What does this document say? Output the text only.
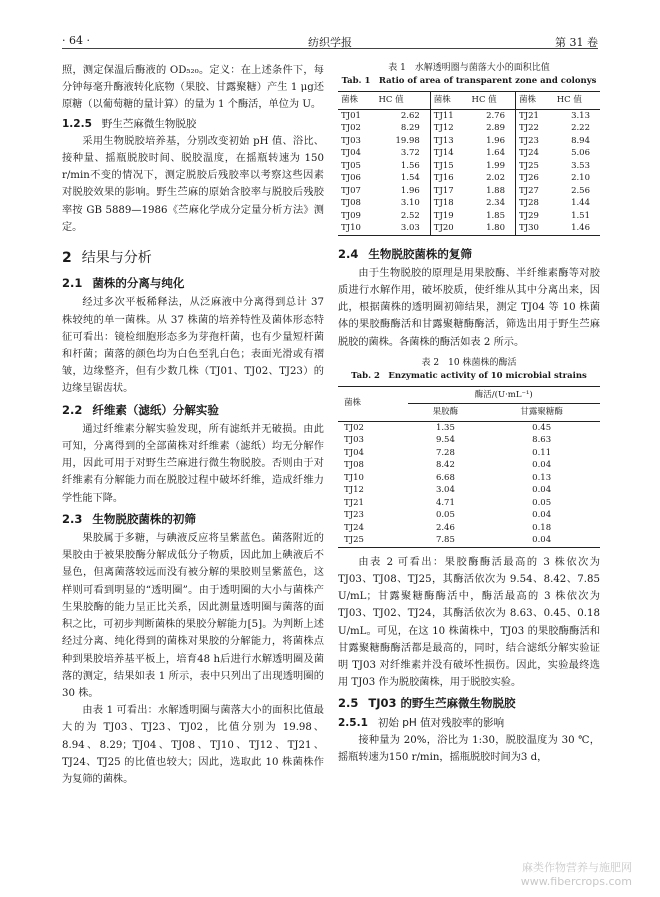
· 64 ·	纺织学报	第 31 卷

照，测定保温后酶液的 OD₅₂₀。定义：在上述条件下，每分钟每毫升酶液转化底物（果胶、甘露聚糖）产生 1 μg还原糖（以葡萄糖的量计算）的量为 1 个酶活，单位为 U。

1.2.5 野生苎麻微生物脱胶

采用生物脱胶培养基，分别改变初始 pH 值、浴比、接种量、摇瓶脱胶时间、脱胶温度，在摇瓶转速为 150 r/min不变的情况下，测定脱胶后残胶率以考察这些因素对脱胶效果的影响。野生苎麻的原始含胶率与脱胶后残胶率按 GB 5889—1986《苎麻化学成分定量分析方法》测定。

2 结果与分析
2.1 菌株的分离与纯化

经过多次平板稀释法，从泛麻液中分离得到总计 37 株较纯的单一菌株。从 37 株菌的培养特性及菌体形态特征可看出：镜检细胞形态多为芽孢杆菌，也有少量短杆菌和杆菌；菌落的颜色均为白色至乳白色；表面光滑或有褶皱，边缘整齐，但有少数几株（TJ01、TJ02、TJ23）的边缘呈锯齿状。

2.2 纤维素（滤纸）分解实验

通过纤维素分解实验发现，所有滤纸并无破损。由此可知，分离得到的全部菌株对纤维素（滤纸）均无分解作用，因此可用于对野生苎麻进行微生物脱胶。否则由于对纤维素有分解能力而在脱胶过程中破坏纤维，造成纤维力学性能下降。

2.3 生物脱胶菌株的初筛

果胶属于多糖，与碘液反应将呈紫蓝色。菌落附近的果胶由于被果胶酶分解成低分子物质，因此加上碘液后不显色，但离菌落较远而没有被分解的果胶则呈紫蓝色，这样则可看到明显的“透明圈”。由于透明圈的大小与菌株产生果胶酶的能力呈正比关系，因此测量透明圈与菌落的面积之比，可初步判断菌株的果胶分解能力[5]。为判断上述经过分离、纯化得到的菌株对果胶的分解能力，将菌株点种到果胶培养基平板上，培育48 h后进行水解透明圈及菌落的测定，结果如表 1 所示，表中只列出了出现透明圈的 30 株。

由表 1 可看出：水解透明圈与菌落大小的面积比值最大的为 TJ03、TJ23、TJ02，比值分别为 19.98、8.94、8.29；TJ04、TJ08、TJ10、TJ12、TJ21、TJ24、TJ25 的比值也较大；因此，选取此 10 株菌株作为复筛的菌株。

表 1　水解透明圈与菌落大小的面积比值
Tab. 1　Ratio of area of transparent zone and colonys
菌株	HC 值	菌株	HC 值	菌株	HC 值
TJ01	2.62	TJ11	2.76	TJ21	3.13
TJ02	8.29	TJ12	2.89	TJ22	2.22
TJ03	19.98	TJ13	1.96	TJ23	8.94
TJ04	3.72	TJ14	1.64	TJ24	5.06
TJ05	1.56	TJ15	1.99	TJ25	3.53
TJ06	1.54	TJ16	2.02	TJ26	2.10
TJ07	1.96	TJ17	1.88	TJ27	2.56
TJ08	3.10	TJ18	2.34	TJ28	1.44
TJ09	2.52	TJ19	1.85	TJ29	1.51
TJ10	3.03	TJ20	1.80	TJ30	1.46
2.4 生物脱胶菌株的复筛

由于生物脱胶的原理是用果胶酶、半纤维素酶等对胶质进行水解作用，破坏胶质，使纤维从其中分离出来，因此，根据菌株的透明圈初筛结果，测定 TJ04 等 10 株菌体的果胶酶酶活和甘露聚糖酶酶活，筛选出用于野生苎麻脱胶的菌株。各菌株的酶活如表 2 所示。

表 2　10 株菌株的酶活
Tab. 2　Enzymatic activity of 10 microbial strains
菌株	酶活/(U·mL⁻¹)	
	果胶酶	甘露聚糖酶
TJ02	1.35	0.45
TJ03	9.54	8.63
TJ04	7.28	0.11
TJ08	8.42	0.04
TJ10	6.68	0.13
TJ12	3.04	0.04
TJ21	4.71	0.05
TJ23	0.05	0.04
TJ24	2.46	0.18
TJ25	7.85	0.04

由表 2 可看出：果胶酶酶活最高的 3 株依次为 TJ03、TJ08、TJ25，其酶活依次为 9.54、8.42、7.85 U/mL；甘露聚糖酶酶活中，酶活最高的 3 株依次为 TJ03、TJ02、TJ24，其酶活依次为 8.63、0.45、0.18 U/mL。可见，在这 10 株菌株中，TJ03 的果胶酶酶活和甘露聚糖酶酶活都是最高的，同时，结合滤纸分解实验证明 TJ03 对纤维素并没有破坏性损伤。因此，实验最终选用 TJ03 作为脱胶菌株，用于脱胶实验。

2.5 TJ03 的野生苎麻微生物脱胶
2.5.1 初始 pH 值对残胶率的影响

接种量为 20%，浴比为 1:30，脱胶温度为 30 ℃，摇瓶转速为150 r/min，摇瓶脱胶时间为3 d，

麻类作物营养与施肥网
www.fibercrops.com
